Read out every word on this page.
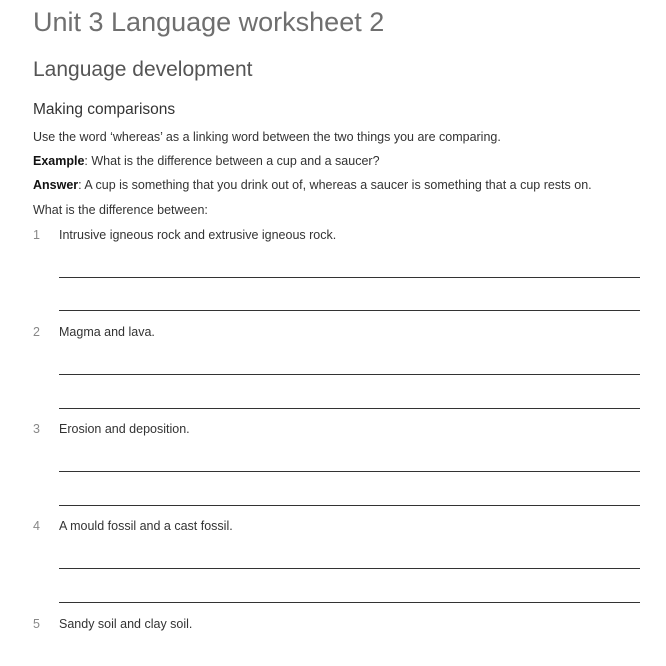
Unit 3 Language worksheet 2
Language development
Making comparisons
Use the word ‘whereas’ as a linking word between the two things you are comparing.
Example: What is the difference between a cup and a saucer?
Answer: A cup is something that you drink out of, whereas a saucer is something that a cup rests on.
What is the difference between:
1 Intrusive igneous rock and extrusive igneous rock.
2 Magma and lava.
3 Erosion and deposition.
4 A mould fossil and a cast fossil.
5 Sandy soil and clay soil.
